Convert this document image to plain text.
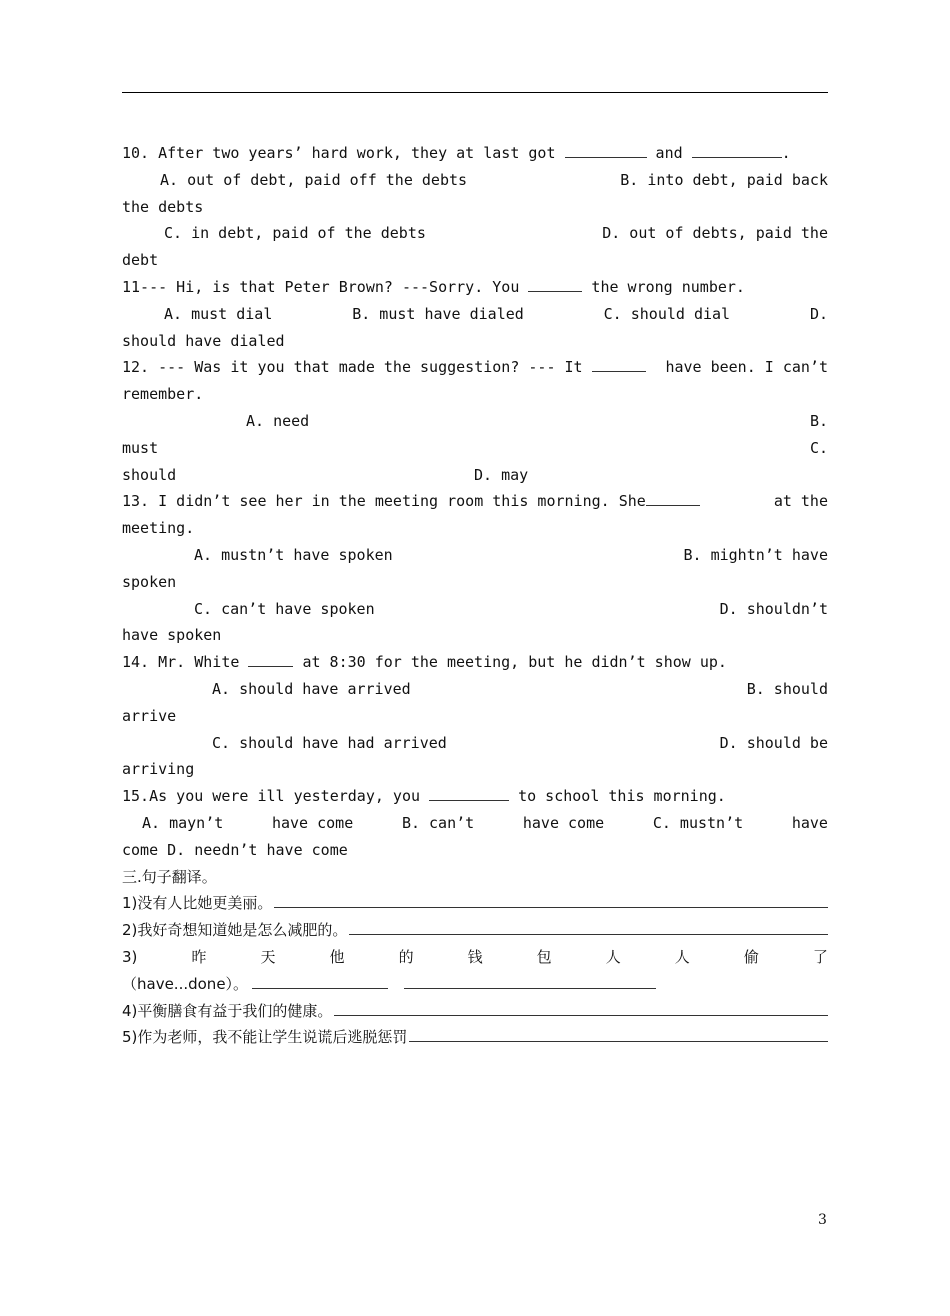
10. After two years’ hard work, they at last got	and	.
A. out of debt, paid off the debts	B. into debt, paid back
the debts
C. in debt, paid of the debts	D. out of debts, paid the
debt
11--- Hi, is that Peter Brown? ---Sorry. You	the wrong number.
A. must dial	B. must have dialed	C. should dial	D.
should have dialed
12. --- Was it you that made the suggestion? --- It	have been. I can’t
remember.
A. need	B.
must	C.
should	D. may
13. I didn’t see her in the meeting room this morning. She	at the
meeting.
A. mustn’t have spoken	B. mightn’t have
spoken
C. can’t have spoken	D. shouldn’t
have spoken
14. Mr. White	at 8:30 for the meeting, but he didn’t show up.
A. should have arrived	B. should
arrive
C. should have had arrived	D. should be
arriving
15.As you were ill yesterday, you	to school this morning.
A. mayn’t	have come	B. can’t	have come	C. mustn’t	have
come D. needn’t have come
三.句子翻译。
1)没有人比她更美丽。
2)我好奇想知道她是怎么减肥的。
3)	昨	天	他	的	钱	包	人	人	偷	了
（have...done）。
4)平衡膳食有益于我们的健康。
5)作为老师，我不能让学生说谎后逃脱惩罚
3
